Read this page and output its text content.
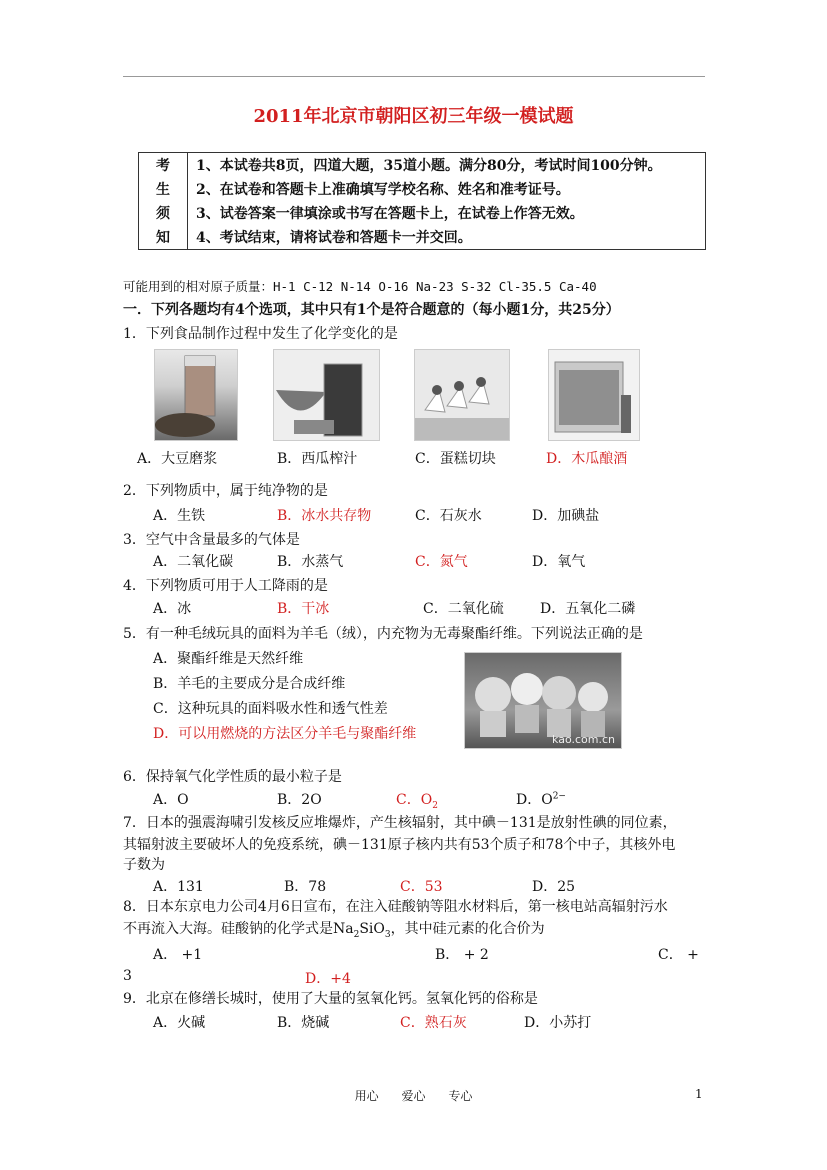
2011年北京市朝阳区初三年级一模试题
考	1、本试卷共8页，四道大题，35道小题。满分80分，考试时间100分钟。
生	2、在试卷和答题卡上准确填写学校名称、姓名和准考证号。
须	3、试卷答案一律填涂或书写在答题卡上，在试卷上作答无效。
知	4、考试结束，请将试卷和答题卡一并交回。
可能用到的相对原子质量：H-1 C-12 N-14 O-16 Na-23 S-32 Cl-35.5 Ca-40
一．下列各题均有4个选项，其中只有1个是符合题意的（每小题1分，共25分）
1．下列食品制作过程中发生了化学变化的是
A．大豆磨浆	B．西瓜榨汁	C．蛋糕切块	D．木瓜酿酒
2．下列物质中，属于纯净物的是
A．生铁	B．冰水共存物	C．石灰水	D．加碘盐
3．空气中含量最多的气体是
A．二氧化碳	B．水蒸气	C．氮气	D．氧气
4．下列物质可用于人工降雨的是
A．冰	B．干冰	C．二氧化硫	D．五氧化二磷
5．有一种毛绒玩具的面料为羊毛（绒），内充物为无毒聚酯纤维。下列说法正确的是
A．聚酯纤维是天然纤维
B．羊毛的主要成分是合成纤维
C．这种玩具的面料吸水性和透气性差
D．可以用燃烧的方法区分羊毛与聚酯纤维	kao.com.cn
6．保持氧气化学性质的最小粒子是
A．O	B．2O	C．$O_2$	D．$O^{2-}$
7．日本的强震海啸引发核反应堆爆炸，产生核辐射，其中碘－131是放射性碘的同位素，
其辐射波主要破坏人的免疫系统，碘－131原子核内共有53个质子和78个中子，其核外电
子数为
A．131	B．78	C．53	D．25
8．日本东京电力公司4月6日宣布，在注入硅酸钠等阻水材料后，第一核电站高辐射污水
不再流入大海。硅酸钠的化学式是$Na_2SiO_3$，其中硅元素的化合价为
A． +1	B． + 2	C． +
3	D．+4
9．北京在修缮长城时，使用了大量的氢氧化钙。氢氧化钙的俗称是
A．火碱	B．烧碱	C．熟石灰	D．小苏打
用心      爱心      专心	1
